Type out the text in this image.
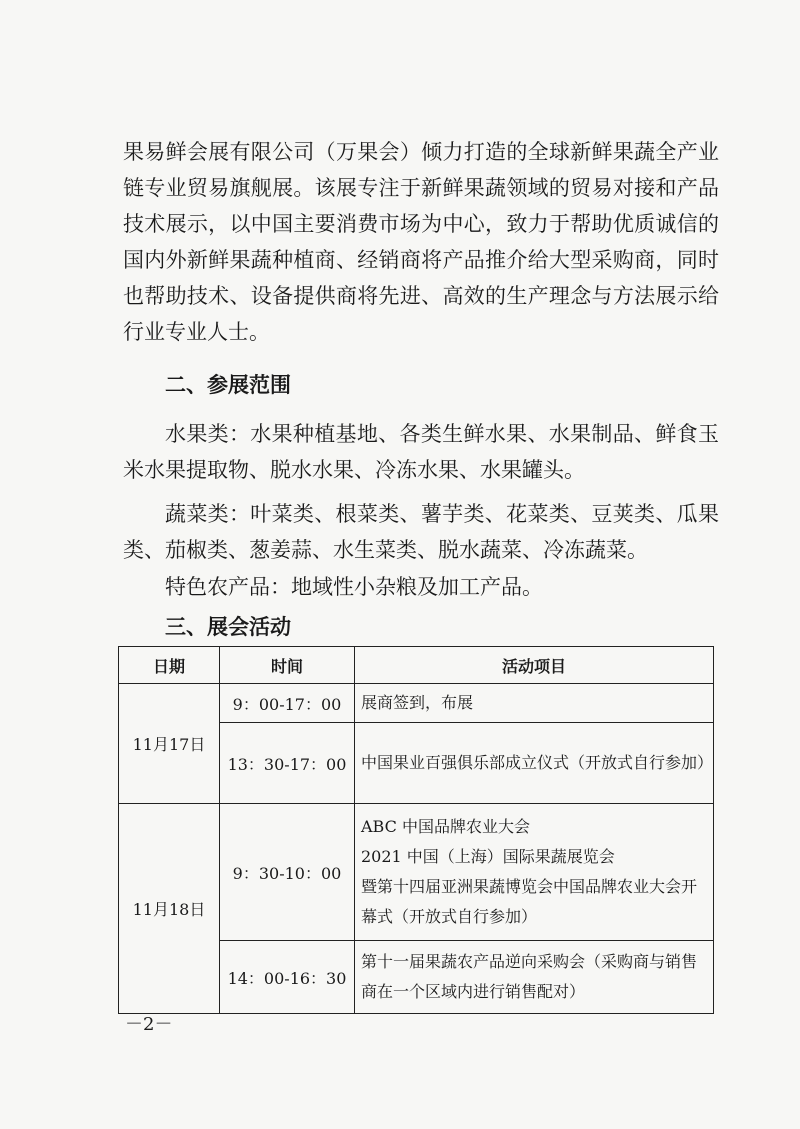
果易鲜会展有限公司（万果会）倾力打造的全球新鲜果蔬全产业链专业贸易旗舰展。该展专注于新鲜果蔬领域的贸易对接和产品技术展示，以中国主要消费市场为中心，致力于帮助优质诚信的国内外新鲜果蔬种植商、经销商将产品推介给大型采购商，同时也帮助技术、设备提供商将先进、高效的生产理念与方法展示给行业专业人士。

二、参展范围

水果类：水果种植基地、各类生鲜水果、水果制品、鲜食玉米水果提取物、脱水水果、冷冻水果、水果罐头。

蔬菜类：叶菜类、根菜类、薯芋类、花菜类、豆荚类、瓜果类、茄椒类、葱姜蒜、水生菜类、脱水蔬菜、冷冻蔬菜。

特色农产品：地域性小杂粮及加工产品。

三、展会活动
日期	时间	活动项目
11月17日	9：00-17：00	展商签到，布展
	13：30-17：00	中国果业百强俱乐部成立仪式（开放式自行参加）
11月18日	9：30-10：00	ABC 中国品牌农业大会
2021 中国（上海）国际果蔬展览会
暨第十四届亚洲果蔬博览会中国品牌农业大会开幕式（开放式自行参加）

	14：00-16：30	第十一届果蔬农产品逆向采购会（采购商与销售商在一个区域内进行销售配对）
－2－
